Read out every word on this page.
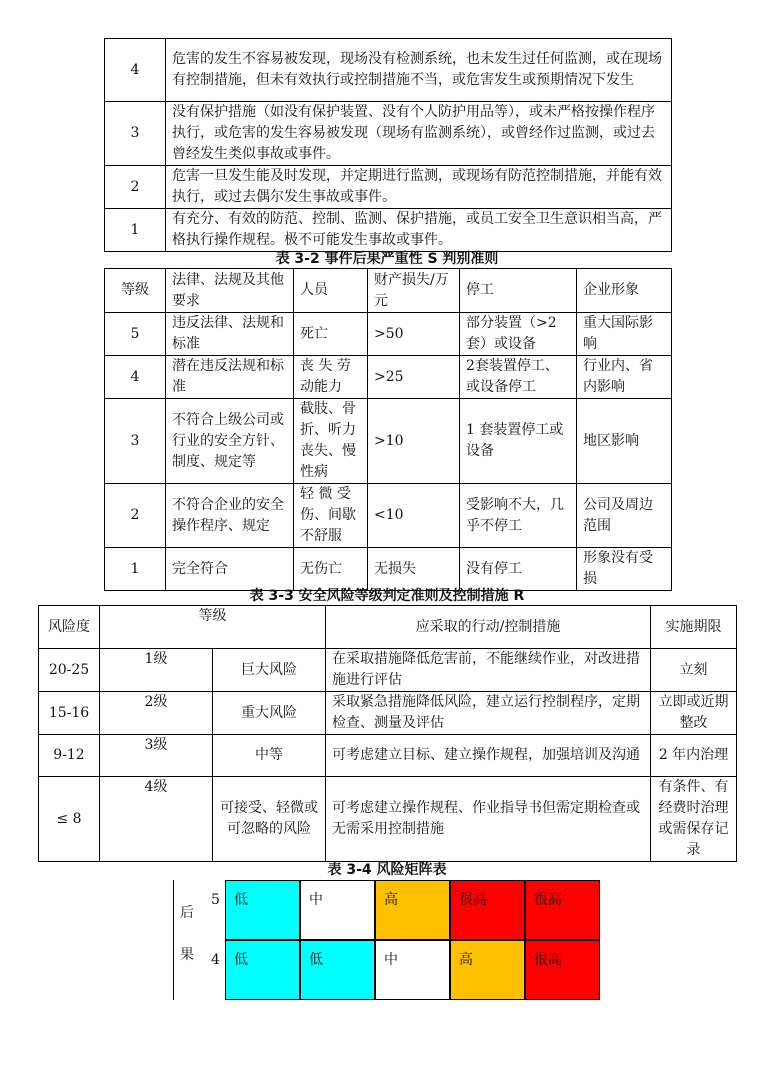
4	危害的发生不容易被发现，现场没有检测系统，也未发生过任何监测，或在现场有控制措施，但未有效执行或控制措施不当，或危害发生或预期情况下发生
3	没有保护措施（如没有保护装置、没有个人防护用品等），或未严格按操作程序执行，或危害的发生容易被发现（现场有监测系统），或曾经作过监测，或过去曾经发生类似事故或事件。
2	危害一旦发生能及时发现，并定期进行监测，或现场有防范控制措施，并能有效执行，或过去偶尔发生事故或事件。
1	有充分、有效的防范、控制、监测、保护措施，或员工安全卫生意识相当高，严格执行操作规程。极不可能发生事故或事件。
表 3-2 事件后果严重性 S 判别准则
等级	法律、法规及其他要求	人员	财产损失/万元	停工	企业形象
5	违反法律、法规和标准	死亡	>50	部分装置（>2套）或设备	重大国际影响
4	潜在违反法规和标准	丧 失 劳动能力	>25	2套装置停工、或设备停工	行业内、省内影响
3	不符合上级公司或行业的安全方针、制度、规定等	截肢、骨折、听力丧失、慢性病	>10	1 套装置停工或设备	地区影响
2	不符合企业的安全操作程序、规定	轻 微 受伤、间歇不舒服	<10	受影响不大，几乎不停工	公司及周边范围
1	完全符合	无伤亡	无损失	没有停工	形象没有受损
表 3-3 安全风险等级判定准则及控制措施 R
风险度	等级		应采取的行动/控制措施	实施期限
20-25	1级	巨大风险	在采取措施降低危害前，不能继续作业，对改进措施进行评估	立刻
15-16	2级	重大风险	采取紧急措施降低风险，建立运行控制程序，定期检查、测量及评估	立即或近期整改
9-12	3级	中等	可考虑建立目标、建立操作规程，加强培训及沟通	2 年内治理
≤ 8	4级	可接受、轻微或可忽略的风险	可考虑建立操作规程、作业指导书但需定期检查或无需采用控制措施	有条件、有经费时治理或需保存记录
表 3-4 风险矩阵表
后
果
5	低	中	高	很高	很高
4	低	低	中	高	很高
